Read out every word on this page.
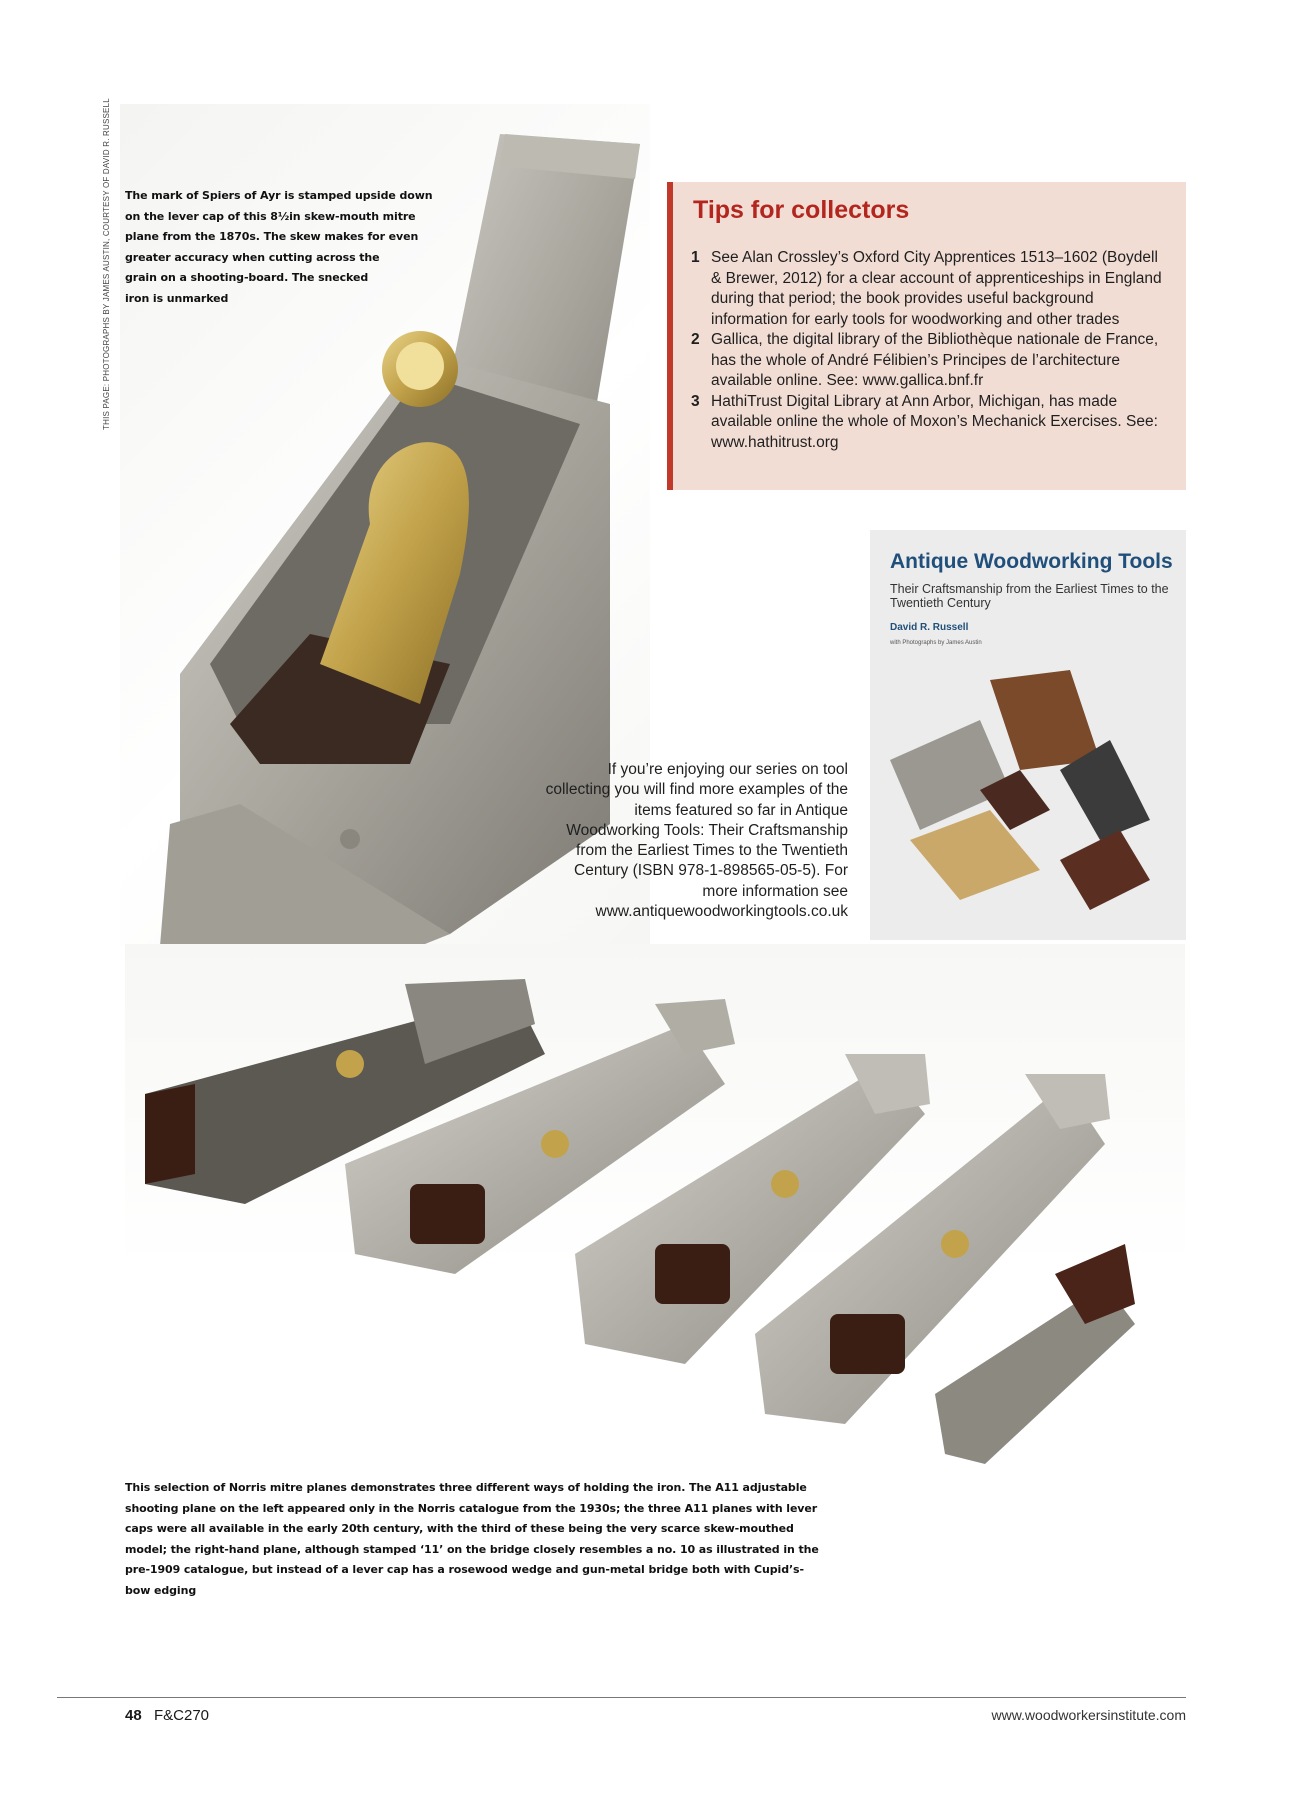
THIS PAGE: PHOTOGRAPHS BY JAMES AUSTIN, COURTESY OF DAVID R. RUSSELL	The mark of Spiers of Ayr is stamped upside down
on the lever cap of this 8½in skew-mouth mitre
plane from the 1870s. The skew makes for even
greater accuracy when cutting across the
grain on a shooting-board. The snecked
iron is unmarked
Tips for collectors
1 See Alan Crossley’s Oxford City Apprentices 1513–1602 (Boydell & Brewer, 2012) for a clear account of apprenticeships in England during that period; the book provides useful background information for early tools for woodworking and other trades
2 Gallica, the digital library of the Bibliothèque nationale de France, has the whole of André Félibien’s Principes de l’architecture available online. See: www.gallica.bnf.fr
3 HathiTrust Digital Library at Ann Arbor, Michigan, has made available online the whole of Moxon’s Mechanick Exercises. See: www.hathitrust.org
Antique Woodworking Tools
Their Craftsmanship from the Earliest Times to the Twentieth Century
David R. Russell
with Photographs by James Austin
If you’re enjoying our series on tool collecting you will find more examples of the items featured so far in Antique Woodworking Tools: Their Craftsmanship from the Earliest Times to the Twentieth Century (ISBN 978-1-898565-05-5). For more information see www.antiquewoodworkingtools.co.uk
This selection of Norris mitre planes demonstrates three different ways of holding the iron. The A11 adjustable shooting plane on the left appeared only in the Norris catalogue from the 1930s; the three A11 planes with lever caps were all available in the early 20th century, with the third of these being the very scarce skew-mouthed model; the right-hand plane, although stamped ‘11’ on the bridge closely resembles a no. 10 as illustrated in the pre-1909 catalogue, but instead of a lever cap has a rosewood wedge and gun-metal bridge both with Cupid’s-bow edging
48 F&C270	www.woodworkersinstitute.com
